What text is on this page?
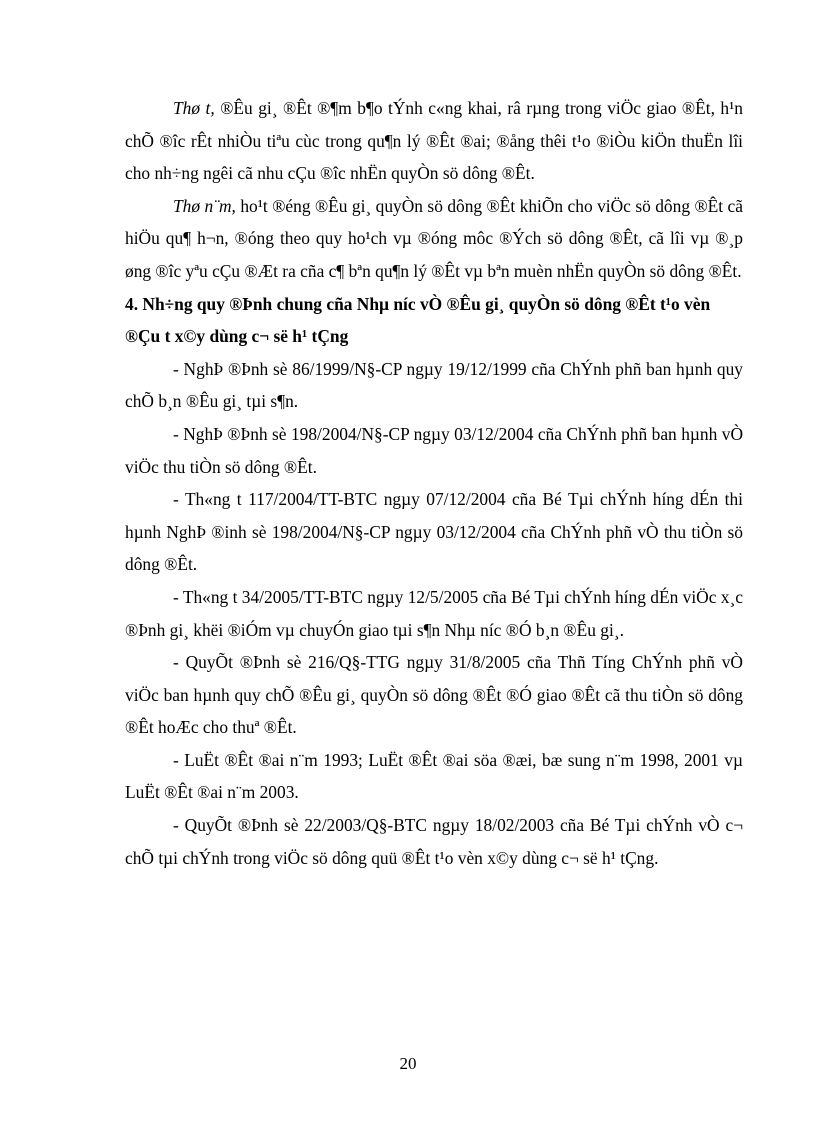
Thø t, ®Êu gi¸ ®Êt ®¶m b¶o tÝnh c«ng khai, râ rµng trong viÖc giao ®Êt, h¹n chÕ ®îc rÊt nhiÒu tiªu cùc trong qu¶n lý ®Êt ®ai; ®ång thêi t¹o ®iÒu kiÖn thuËn lîi cho nh÷ng ngêi cã nhu cÇu ®îc nhËn quyÒn sö dông ®Êt.

Thø n¨m, ho¹t ®éng ®Êu gi¸ quyÒn sö dông ®Êt khiÕn cho viÖc sö dông ®Êt cã hiÖu qu¶ h¬n, ®óng theo quy ho¹ch vµ ®óng môc ®Ých sö dông ®Êt, cã lîi vµ ®¸p øng ®îc yªu cÇu ®Æt ra cña c¶ bªn qu¶n lý ®Êt vµ bªn muèn nhËn quyÒn sö dông ®Êt.

4. Nh÷ng quy ®Þnh chung cña Nhµ níc vÒ ®Êu gi¸ quyÒn sö dông ®Êt t¹o vèn ®Çu t x©y dùng c¬ së h¹ tÇng

- NghÞ ®Þnh sè 86/1999/N§-CP ngµy 19/12/1999 cña ChÝnh phñ ban hµnh quy chÕ b¸n ®Êu gi¸ tµi s¶n.

- NghÞ ®Þnh sè 198/2004/N§-CP ngµy 03/12/2004 cña ChÝnh phñ ban hµnh vÒ viÖc thu tiÒn sö dông ®Êt.

- Th«ng t 117/2004/TT-BTC ngµy 07/12/2004 cña Bé Tµi chÝnh híng dÉn thi hµnh NghÞ ®inh sè 198/2004/N§-CP ngµy 03/12/2004 cña ChÝnh phñ vÒ thu tiÒn sö dông ®Êt.

- Th«ng t 34/2005/TT-BTC ngµy 12/5/2005 cña Bé Tµi chÝnh híng dÉn viÖc x¸c ®Þnh gi¸ khëi ®iÓm vµ chuyÓn giao tµi s¶n Nhµ níc ®Ó b¸n ®Êu gi¸.

- QuyÕt ®Þnh sè 216/Q§-TTG ngµy 31/8/2005 cña Thñ Tíng ChÝnh phñ vÒ viÖc ban hµnh quy chÕ ®Êu gi¸ quyÒn sö dông ®Êt ®Ó giao ®Êt cã thu tiÒn sö dông ®Êt hoÆc cho thuª ®Êt.

- LuËt ®Êt ®ai n¨m 1993; LuËt ®Êt ®ai söa ®æi, bæ sung n¨m 1998, 2001 vµ LuËt ®Êt ®ai n¨m 2003.

- QuyÕt ®Þnh sè 22/2003/Q§-BTC ngµy 18/02/2003 cña Bé Tµi chÝnh vÒ c¬ chÕ tµi chÝnh trong viÖc sö dông quü ®Êt t¹o vèn x©y dùng c¬ së h¹ tÇng.

20
